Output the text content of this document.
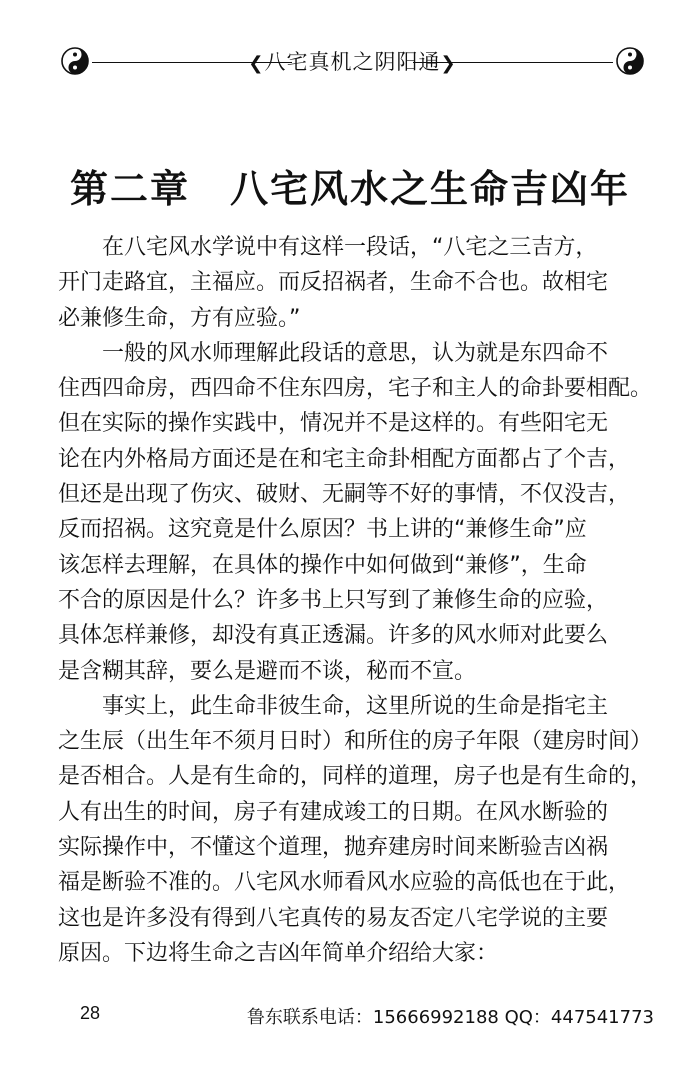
❮八宅真机之阴阳通❯
第二章　八宅风水之生命吉凶年
在八宅风水学说中有这样一段话，“八宅之三吉方，
开门走路宜，主福应。而反招祸者，生命不合也。故相宅
必兼修生命，方有应验。”
一般的风水师理解此段话的意思，认为就是东四命不
住西四命房，西四命不住东四房，宅子和主人的命卦要相配。
但在实际的操作实践中，情况并不是这样的。有些阳宅无
论在内外格局方面还是在和宅主命卦相配方面都占了个吉，
但还是出现了伤灾、破财、无嗣等不好的事情，不仅没吉，
反而招祸。这究竟是什么原因？书上讲的“兼修生命”应
该怎样去理解，在具体的操作中如何做到“兼修”，生命
不合的原因是什么？许多书上只写到了兼修生命的应验，
具体怎样兼修，却没有真正透漏。许多的风水师对此要么
是含糊其辞，要么是避而不谈，秘而不宣。
事实上，此生命非彼生命，这里所说的生命是指宅主
之生辰（出生年不须月日时）和所住的房子年限（建房时间）
是否相合。人是有生命的，同样的道理，房子也是有生命的，
人有出生的时间，房子有建成竣工的日期。在风水断验的
实际操作中，不懂这个道理，抛弃建房时间来断验吉凶祸
福是断验不准的。八宅风水师看风水应验的高低也在于此，
这也是许多没有得到八宅真传的易友否定八宅学说的主要
原因。下边将生命之吉凶年简单介绍给大家：
28	鲁东联系电话：15666992188 QQ：447541773
